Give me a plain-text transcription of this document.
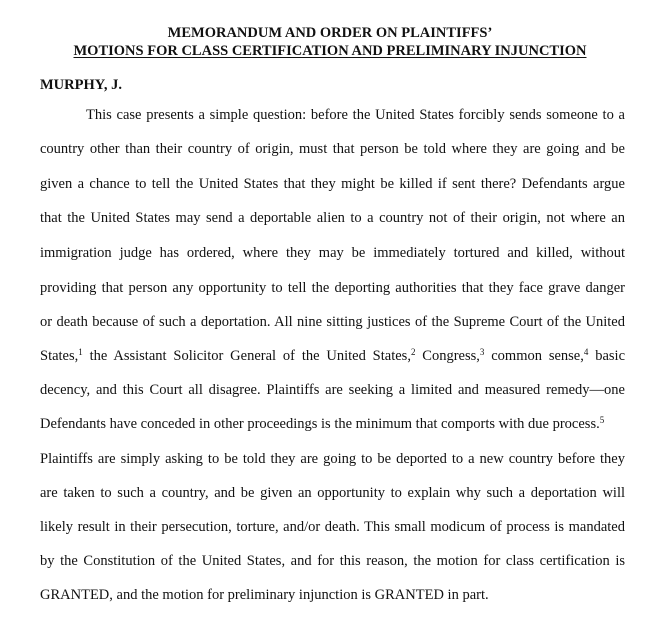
MEMORANDUM AND ORDER ON PLAINTIFFS’
MOTIONS FOR CLASS CERTIFICATION AND PRELIMINARY INJUNCTION
MURPHY, J.
This case presents a simple question: before the United States forcibly sends someone to a
country other than their country of origin, must that person be told where they are going and be
given a chance to tell the United States that they might be killed if sent there? Defendants argue
that the United States may send a deportable alien to a country not of their origin, not where an
immigration judge has ordered, where they may be immediately tortured and killed, without
providing that person any opportunity to tell the deporting authorities that they face grave danger
or death because of such a deportation. All nine sitting justices of the Supreme Court of the United
States,$^1$ the Assistant Solicitor General of the United States,$^2$ Congress,$^3$ common sense,$^4$ basic
decency, and this Court all disagree. Plaintiffs are seeking a limited and measured remedy—one
Defendants have conceded in other proceedings is the minimum that comports with due process.$^5$
Plaintiffs are simply asking to be told they are going to be deported to a new country before they
are taken to such a country, and be given an opportunity to explain why such a deportation will
likely result in their persecution, torture, and/or death. This small modicum of process is mandated
by the Constitution of the United States, and for this reason, the motion for class certification is
GRANTED, and the motion for preliminary injunction is GRANTED in part.
